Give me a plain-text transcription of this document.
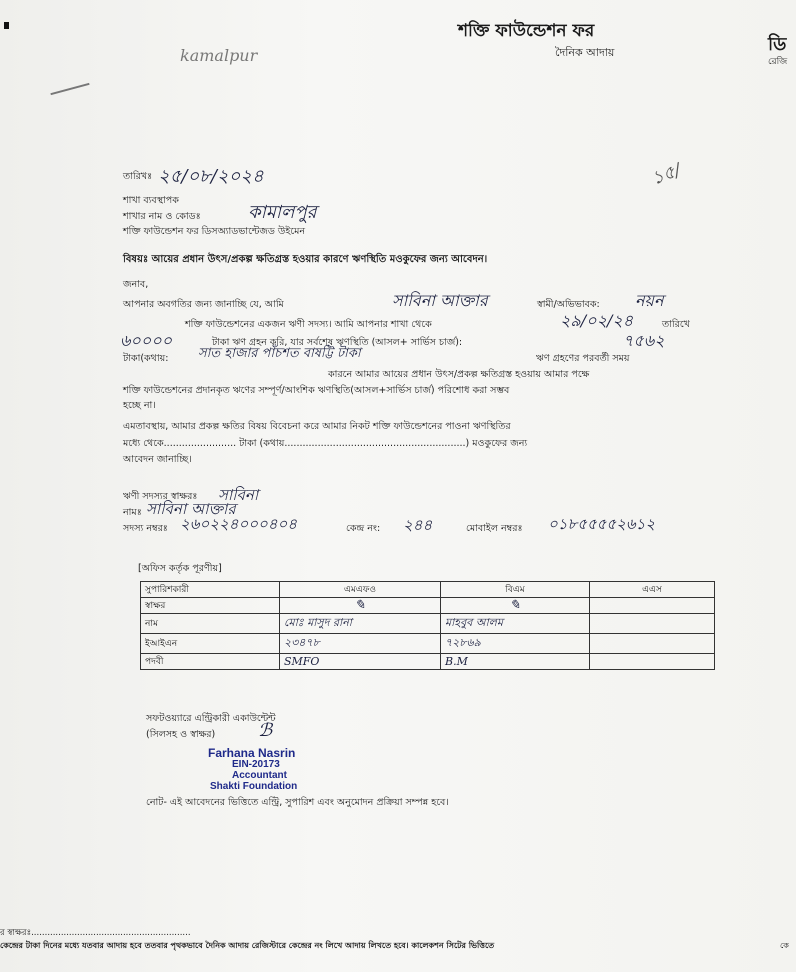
শক্তি ফাউন্ডেশন ফর
দৈনিক আদায়	ডি
রেজি
kamalpur
১৫/
তারিখঃ ২৫/০৮/২০২৪
শাখা ব্যবস্থাপক
শাখার নাম ও কোডঃ	কামালপুর
শক্তি ফাউন্ডেশন ফর ডিসঅ্যাডভান্টেজড উইমেন
বিষয়ঃ আয়ের প্রধান উৎস/প্রকল্প ক্ষতিগ্রস্ত হওয়ার কারণে ঋণস্থিতি মওকুফের জন্য আবেদন।
জনাব,
আপনার অবগতির জন্য জানাচ্ছি যে, আমি	সাবিনা আক্তার	স্বামী/অভিভাবক: নয়ন
শক্তি ফাউন্ডেশনের একজন ঋণী সদস্য। আমি আপনার শাখা থেকে	২৯/০২/২৪	তারিখে
৬০০০০	টাকা ঋণ গ্রহন করি, যার সর্বশেষ ঋণস্থিতি (আসল+ সার্ভিস চার্জ):	৭৫৬২
টাকা(কথায়: সাত হাজার পাঁচশত বাষট্টি টাকা	ঋণ গ্রহণের পরবর্তী সময়
কারনে আমার আয়ের প্রধান উৎস/প্রকল্প ক্ষতিগ্রস্ত হওয়ায় আমার পক্ষে
শক্তি ফাউন্ডেশনের প্রদানকৃত ঋণের সম্পূর্ণ/আংশিক ঋণস্থিতি(আসল+সার্ভিস চার্জ) পরিশোধ করা সম্ভব
হচ্ছে না।
এমতাবস্থায়, আমার প্রকল্প ক্ষতির বিষয় বিবেচনা করে আমার নিকট শক্তি ফাউন্ডেশনের পাওনা ঋণস্থিতির
মধ্যে থেকে........................ টাকা (কথায়............................................................) মওকুফের জন্য
আবেদন জানাচ্ছি।
ঋণী সদস্যর স্বাক্ষরঃ সাবিনা
নামঃ সাবিনা আক্তার
সদস্য নম্বরঃ ২৬০২২৪০০০৪০৪	কেন্দ্র নং: ২৪৪	মোবাইল নম্বরঃ ০১৮৫৫৫৫২৬১২
[অফিস কর্তৃক পূরণীয়]
সুপারিশকারী	এমএফও	বিএম	এএস
স্বাক্ষর	✎	✎	
নাম	মোঃ মাসুদ রানা	মাহবুব আলম	
ইআইএন	২৩৪৭৮	৭২৮৬৯	
পদবী	SMFO	B.M	
সফটওয়্যারে এন্ট্রিকারী একাউন্টেন্ট
(সিলসহ ও স্বাক্ষর) ℬ
Farhana Nasrin
EIN-20173
Accountant
Shakti Foundation
নোট- এই আবেদনের ভিত্তিতে এন্ট্রি, সুপারিশ এবং অনুমোদন প্রক্রিয়া সম্পন্ন হবে।
র স্বাক্ষরঃ...........................................................
কেন্দ্রের টাকা দিনের মধ্যে যতবার আদায় হবে ততবার পৃথকভাবে দৈনিক আদায় রেজিস্টারে কেন্দ্রের নং লিখে আদায় লিখতে হবে। কালেকশন সিটের ভিত্তিতে	কে
